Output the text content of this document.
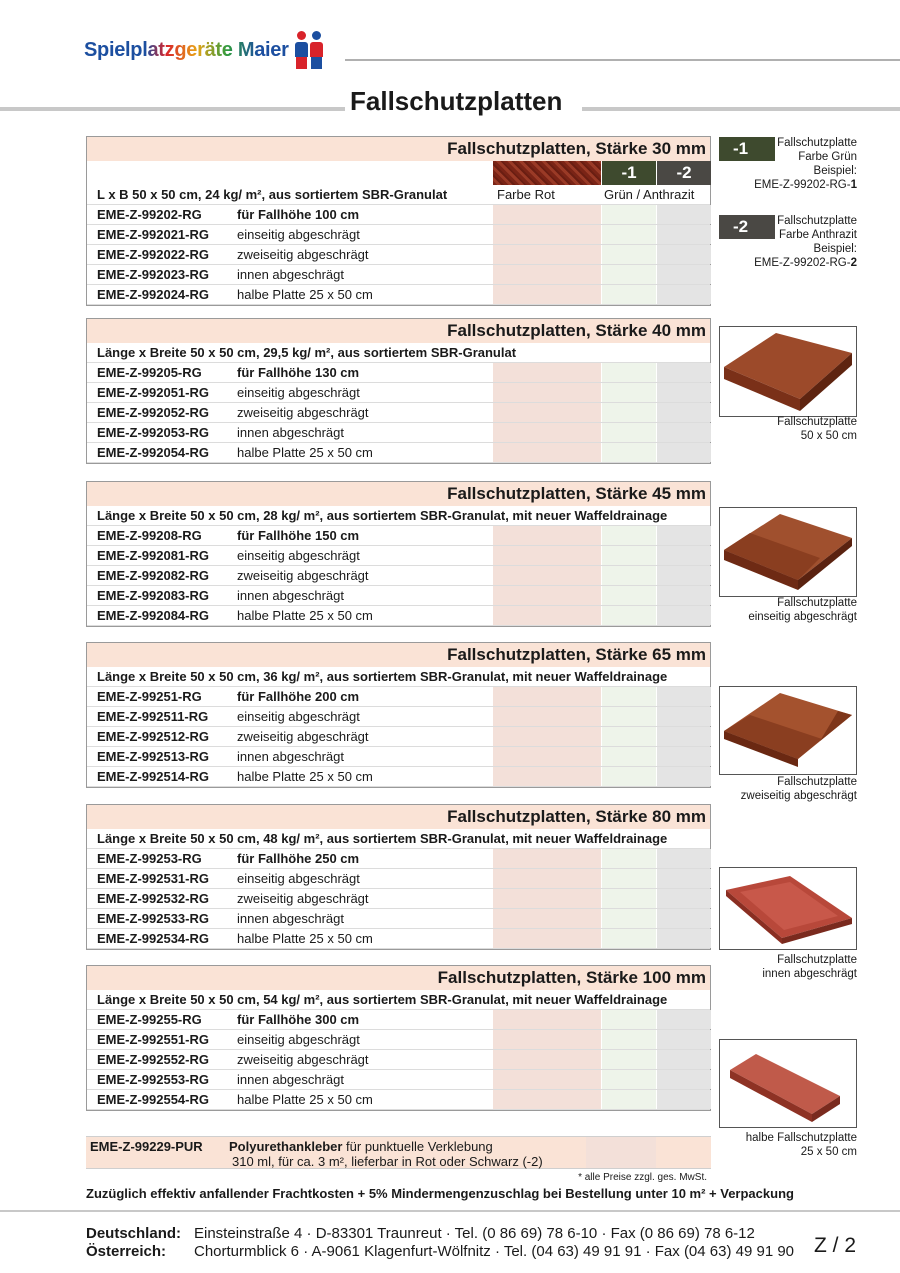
Spielplatzgeräte Maier
Fallschutzplatten
Fallschutzplatten, Stärke 30 mm
-1	-2
L x B 50 x 50 cm, 24 kg/ m², aus sortiertem SBR-Granulat	Farbe Rot	Grün / Anthrazit
EME-Z-99202-RG	für Fallhöhe 100 cm
EME-Z-992021-RG	einseitig abgeschrägt
EME-Z-992022-RG	zweiseitig abgeschrägt
EME-Z-992023-RG	innen abgeschrägt
EME-Z-992024-RG	halbe Platte 25 x 50 cm
Fallschutzplatten, Stärke 40 mm
Länge x Breite 50 x 50 cm, 29,5 kg/ m², aus sortiertem SBR-Granulat
EME-Z-99205-RG	für Fallhöhe 130 cm
EME-Z-992051-RG	einseitig abgeschrägt
EME-Z-992052-RG	zweiseitig abgeschrägt
EME-Z-992053-RG	innen abgeschrägt
EME-Z-992054-RG	halbe Platte 25 x 50 cm
Fallschutzplatten, Stärke 45 mm
Länge x Breite 50 x 50 cm, 28 kg/ m², aus sortiertem SBR-Granulat, mit neuer Waffeldrainage
EME-Z-99208-RG	für Fallhöhe 150 cm
EME-Z-992081-RG	einseitig abgeschrägt
EME-Z-992082-RG	zweiseitig abgeschrägt
EME-Z-992083-RG	innen abgeschrägt
EME-Z-992084-RG	halbe Platte 25 x 50 cm
Fallschutzplatten, Stärke 65 mm
Länge x Breite 50 x 50 cm, 36 kg/ m², aus sortiertem SBR-Granulat, mit neuer Waffeldrainage
EME-Z-99251-RG	für Fallhöhe 200 cm
EME-Z-992511-RG	einseitig abgeschrägt
EME-Z-992512-RG	zweiseitig abgeschrägt
EME-Z-992513-RG	innen abgeschrägt
EME-Z-992514-RG	halbe Platte 25 x 50 cm
Fallschutzplatten, Stärke 80 mm
Länge x Breite 50 x 50 cm, 48 kg/ m², aus sortiertem SBR-Granulat, mit neuer Waffeldrainage
EME-Z-99253-RG	für Fallhöhe 250 cm
EME-Z-992531-RG	einseitig abgeschrägt
EME-Z-992532-RG	zweiseitig abgeschrägt
EME-Z-992533-RG	innen abgeschrägt
EME-Z-992534-RG	halbe Platte 25 x 50 cm
Fallschutzplatten, Stärke 100 mm
Länge x Breite 50 x 50 cm, 54 kg/ m², aus sortiertem SBR-Granulat, mit neuer Waffeldrainage
EME-Z-99255-RG	für Fallhöhe 300 cm
EME-Z-992551-RG	einseitig abgeschrägt
EME-Z-992552-RG	zweiseitig abgeschrägt
EME-Z-992553-RG	innen abgeschrägt
EME-Z-992554-RG	halbe Platte 25 x 50 cm
-1	Fallschutzplatte
Farbe Grün
Beispiel:
EME-Z-99202-RG-1
-2	Fallschutzplatte
Farbe Anthrazit
Beispiel:
EME-Z-99202-RG-2
Fallschutzplatte
50 x 50 cm
Fallschutzplatte
einseitig abgeschrägt
Fallschutzplatte
zweiseitig abgeschrägt
Fallschutzplatte
innen abgeschrägt
halbe Fallschutzplatte
25 x 50 cm
EME-Z-99229-PUR Polyurethankleber für punktuelle Verklebung
310 ml, für ca. 3 m², lieferbar in Rot oder Schwarz (-2)
* alle Preise zzgl. ges. MwSt.
Zuzüglich effektiv anfallender Frachtkosten + 5% Mindermengenzuschlag bei Bestellung unter 10 m² + Verpackung
Deutschland: Einsteinstraße 4 · D-83301 Traunreut · Tel. (0 86 69) 78 6-10 · Fax (0 86 69) 78 6-12
Österreich: Chorturmblick 6 · A-9061 Klagenfurt-Wölfnitz · Tel. (04 63) 49 91 91 · Fax (04 63) 49 91 90 Z / 2
